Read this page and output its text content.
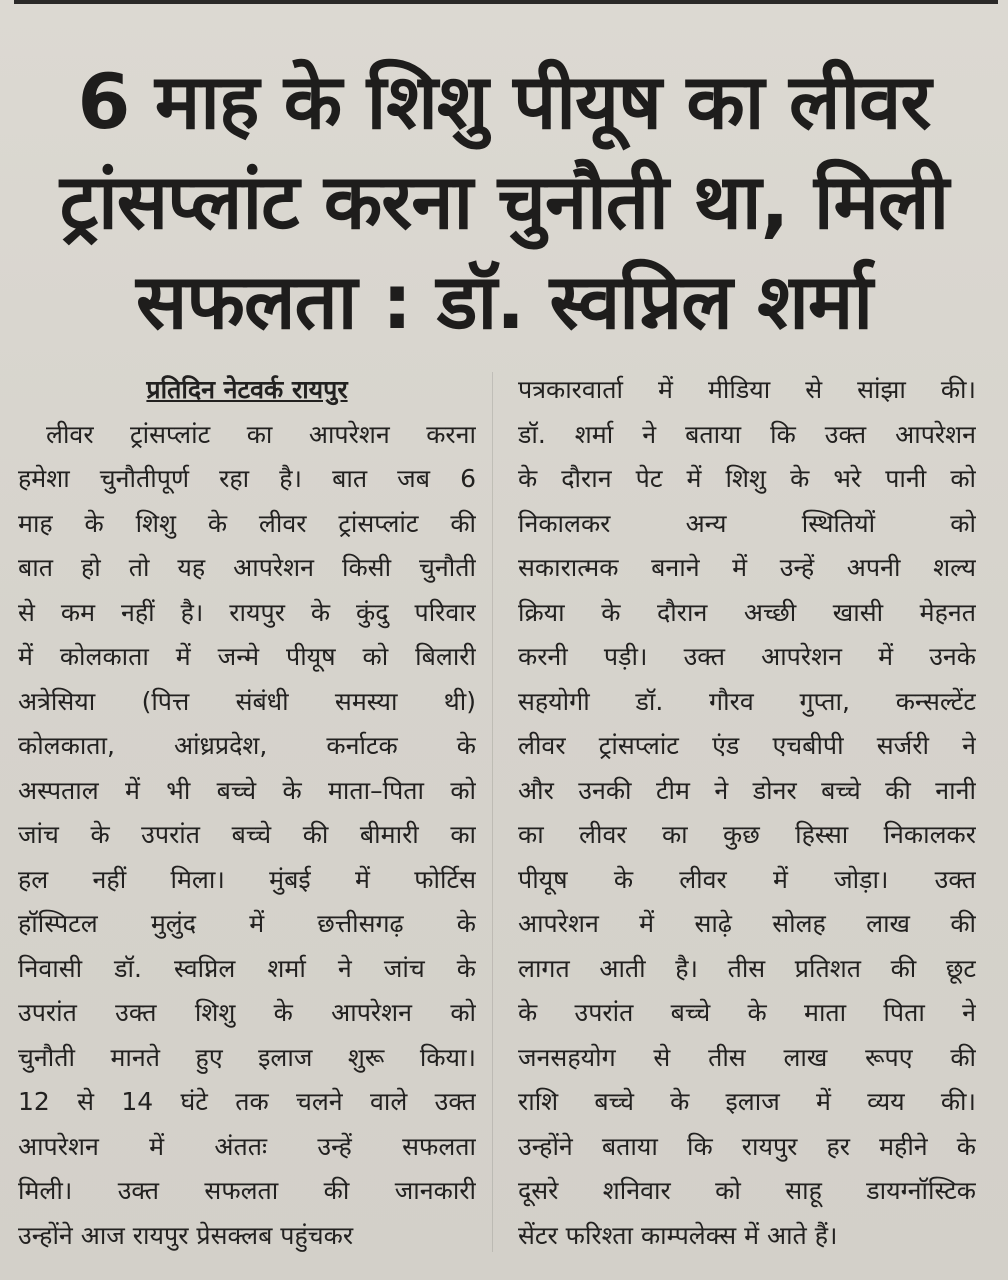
6 माह के शिशु पीयूष का लीवर
ट्रांसप्लांट करना चुनौती था, मिली
सफलता : डॉ. स्वप्निल शर्मा
प्रतिदिन नेटवर्क रायपुर
लीवर ट्रांसप्लांट का आपरेशन करना
हमेशा चुनौतीपूर्ण रहा है। बात जब 6
माह के शिशु के लीवर ट्रांसप्लांट की
बात हो तो यह आपरेशन किसी चुनौती
से कम नहीं है। रायपुर के कुंदु परिवार
में कोलकाता में जन्मे पीयूष को बिलारी
अत्रेसिया (पित्त संबंधी समस्या थी)
कोलकाता, आंध्रप्रदेश, कर्नाटक के
अस्पताल में भी बच्चे के माता–पिता को
जांच के उपरांत बच्चे की बीमारी का
हल नहीं मिला। मुंबई में फोर्टिस
हॉस्पिटल मुलुंद में छत्तीसगढ़ के
निवासी डॉ. स्वप्निल शर्मा ने जांच के
उपरांत उक्त शिशु के आपरेशन को
चुनौती मानते हुए इलाज शुरू किया।
12 से 14 घंटे तक चलने वाले उक्त
आपरेशन में अंततः उन्हें सफलता
मिली। उक्त सफलता की जानकारी
उन्होंने आज रायपुर प्रेसक्लब पहुंचकर
पत्रकारवार्ता में मीडिया से सांझा की।
डॉ. शर्मा ने बताया कि उक्त आपरेशन
के दौरान पेट में शिशु के भरे पानी को
निकालकर अन्य स्थितियों को
सकारात्मक बनाने में उन्हें अपनी शल्य
क्रिया के दौरान अच्छी खासी मेहनत
करनी पड़ी। उक्त आपरेशन में उनके
सहयोगी डॉ. गौरव गुप्ता, कन्सल्टेंट
लीवर ट्रांसप्लांट एंड एचबीपी सर्जरी ने
और उनकी टीम ने डोनर बच्चे की नानी
का लीवर का कुछ हिस्सा निकालकर
पीयूष के लीवर में जोड़ा। उक्त
आपरेशन में साढ़े सोलह लाख की
लागत आती है। तीस प्रतिशत की छूट
के उपरांत बच्चे के माता पिता ने
जनसहयोग से तीस लाख रूपए की
राशि बच्चे के इलाज में व्यय की।
उन्होंने बताया कि रायपुर हर महीने के
दूसरे शनिवार को साहू डायग्नॉस्टिक
सेंटर फरिश्ता काम्पलेक्स में आते हैं।
